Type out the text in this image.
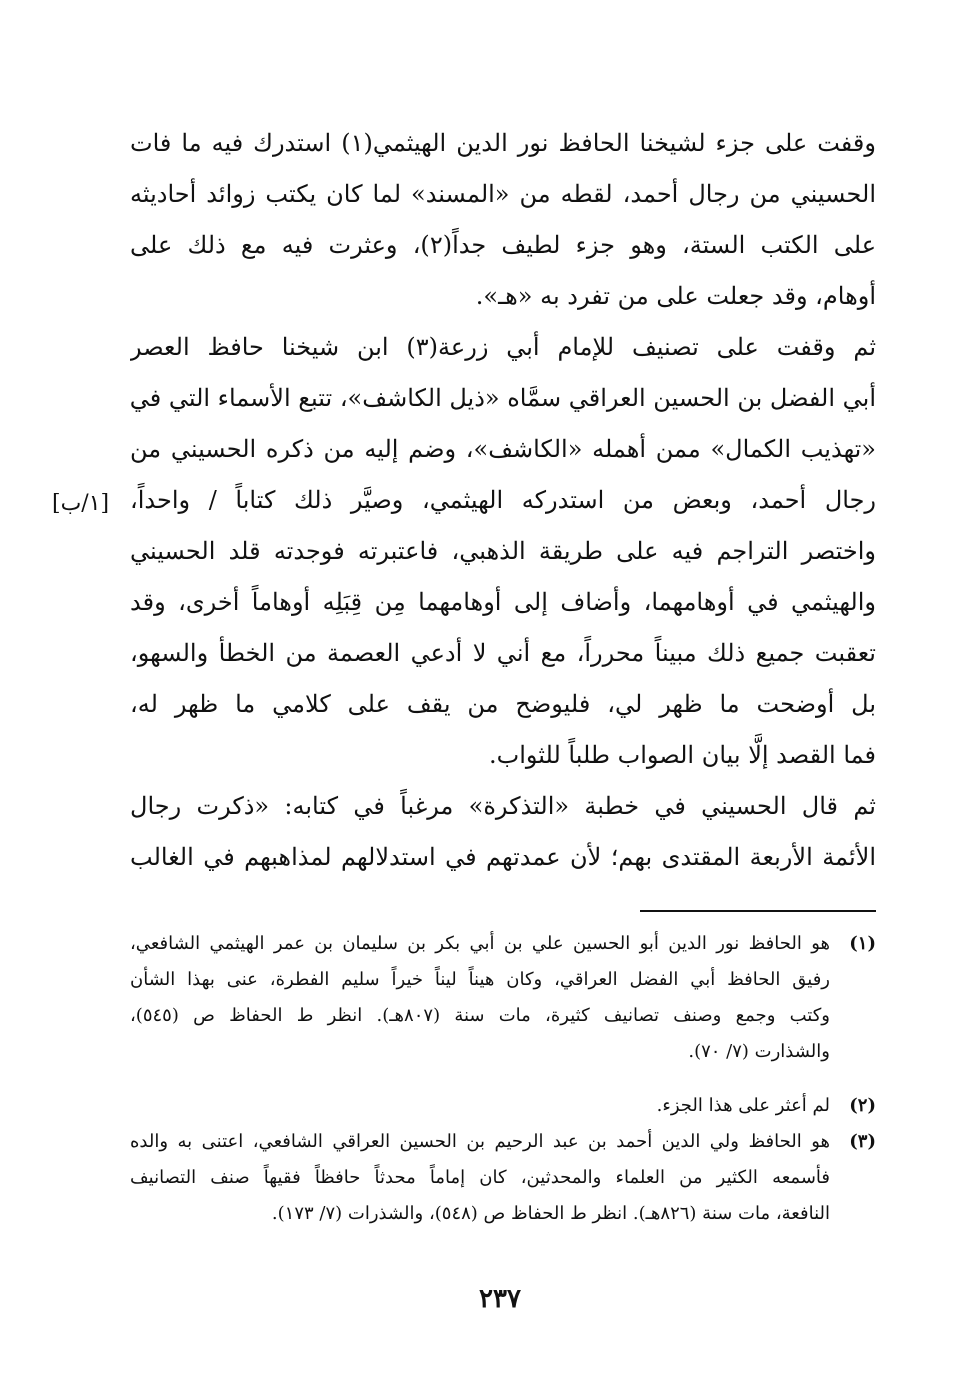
وقفت على جزء لشيخنا الحافظ نور الدين الهيثمي(١) استدرك فيه ما فات
الحسيني من رجال أحمد، لقطه من «المسند» لما كان يكتب زوائد أحاديثه
على الكتب الستة، وهو جزء لطيف جداً(٢)، وعثرت فيه مع ذلك على
أوهام، وقد جعلت على من تفرد به «هـ».
ثم وقفت على تصنيف للإمام أبي زرعة(٣) ابن شيخنا حافظ العصر
أبي الفضل بن الحسين العراقي سمَّاه «ذيل الكاشف»، تتبع الأسماء التي في
«تهذيب الكمال» ممن أهمله «الكاشف»، وضم إليه من ذكره الحسيني من
رجال أحمد، وبعض من استدركه الهيثمي، وصيَّر ذلك كتاباً / واحداً،
واختصر التراجم فيه على طريقة الذهبي، فاعتبرته فوجدته قلد الحسيني
والهيثمي في أوهامهما، وأضاف إلى أوهامهما مِن قِبَلِه أوهاماً أخرى، وقد
تعقبت جميع ذلك مبيناً محرراً، مع أني لا أدعي العصمة من الخطأ والسهو،
بل أوضحت ما ظهر لي، فليوضح من يقف على كلامي ما ظهر له،
فما القصد إلَّا بيان الصواب طلباً للثواب.
ثم قال الحسيني في خطبة «التذكرة» مرغباً في كتابه: «ذكرت رجال
الأئمة الأربعة المقتدى بهم؛ لأن عمدتهم في استدلالهم لمذاهبهم في الغالب
[١/ب]
(١)
هو الحافظ نور الدين أبو الحسين علي بن أبي بكر بن سليمان بن عمر الهيثمي الشافعي،
رفيق الحافظ أبي الفضل العراقي، وكان هيناً ليناً خيراً سليم الفطرة، عنى بهذا الشأن
وكتب وجمع وصنف تصانيف كثيرة، مات سنة (٨٠٧هـ). انظر ط الحفاظ ص (٥٤٥)،
والشذارت (٧/ ٧٠).
(٢)
لم أعثر على هذا الجزء.
(٣)
هو الحافظ ولي الدين أحمد بن عبد الرحيم بن الحسين العراقي الشافعي، اعتنى به والده
فأسمعه الكثير من العلماء والمحدثين، كان إماماً محدثاً حافظاً فقيهاً صنف التصانيف
النافعة، مات سنة (٨٢٦هـ). انظر ط الحفاظ ص (٥٤٨)، والشذرات (٧/ ١٧٣).
٢٣٧
